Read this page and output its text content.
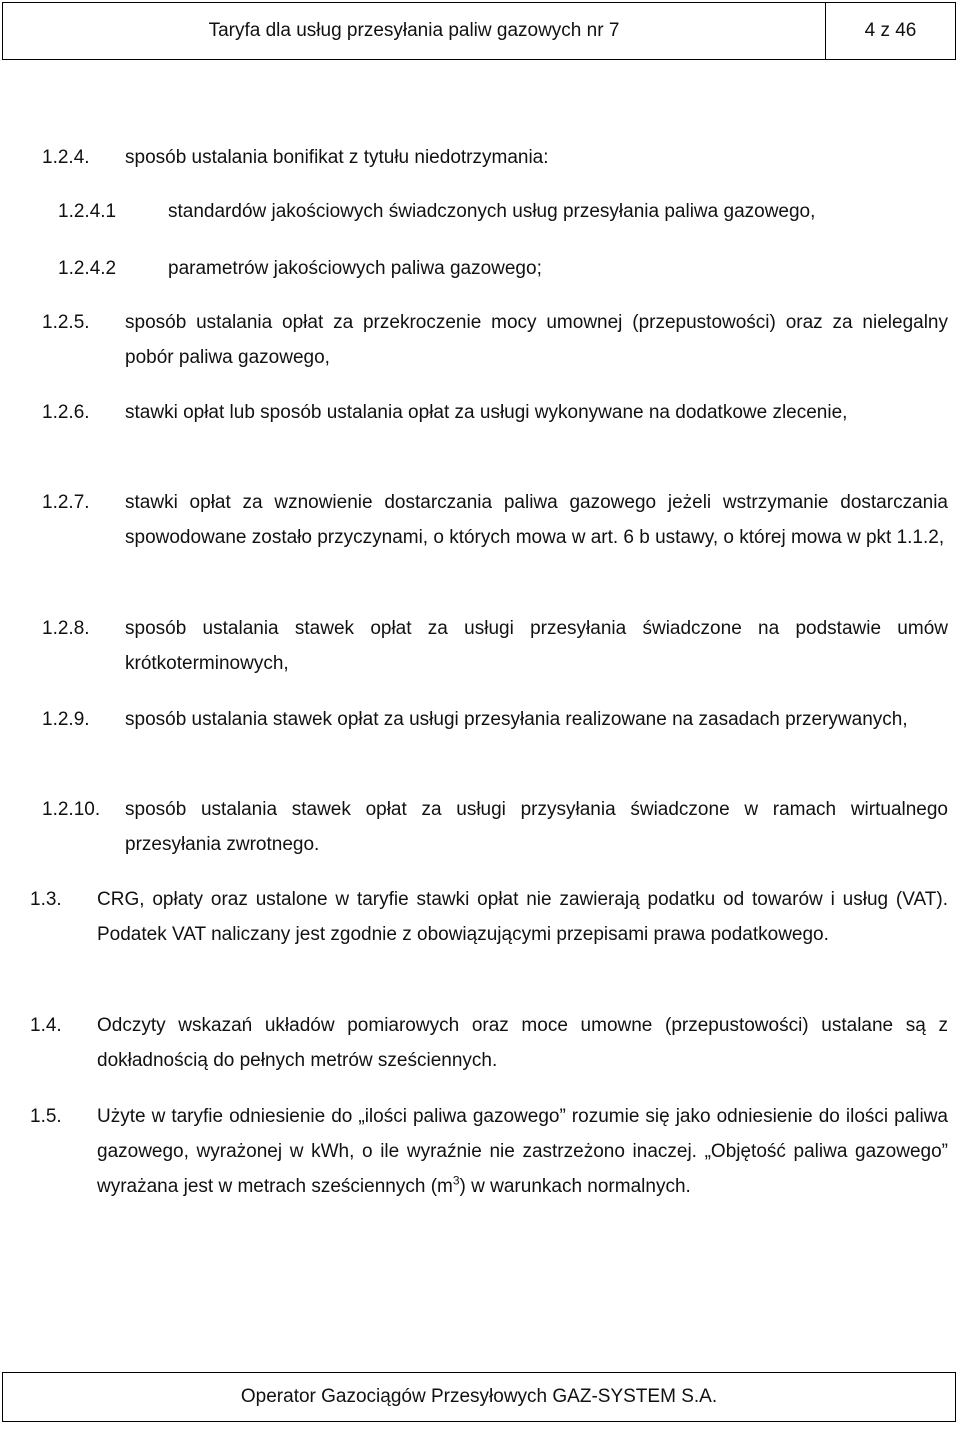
Taryfa dla usług przesyłania paliw gazowych nr 7	4 z 46
1.2.4. sposób ustalania bonifikat z tytułu niedotrzymania:
1.2.4.1	standardów jakościowych świadczonych usług przesyłania paliwa gazowego,
1.2.4.2	parametrów jakościowych paliwa gazowego;
1.2.5. sposób ustalania opłat za przekroczenie mocy umownej (przepustowości) oraz za nielegalny pobór paliwa gazowego,
1.2.6. stawki opłat lub sposób ustalania opłat za usługi wykonywane na dodatkowe zlecenie,
1.2.7. stawki opłat za wznowienie dostarczania paliwa gazowego jeżeli wstrzymanie dostarczania spowodowane zostało przyczynami, o których mowa w art. 6 b ustawy, o której mowa w pkt 1.1.2,
1.2.8. sposób ustalania stawek opłat za usługi przesyłania świadczone na podstawie umów krótkoterminowych,
1.2.9. sposób ustalania stawek opłat za usługi przesyłania realizowane na zasadach przerywanych,
1.2.10. sposób ustalania stawek opłat za usługi przysyłania świadczone w ramach wirtualnego przesyłania zwrotnego.
1.3. CRG, opłaty oraz ustalone w taryfie stawki opłat nie zawierają podatku od towarów i usług (VAT). Podatek VAT naliczany jest zgodnie z obowiązującymi przepisami prawa podatkowego.
1.4. Odczyty wskazań układów pomiarowych oraz moce umowne (przepustowości) ustalane są z dokładnością do pełnych metrów sześciennych.
1.5. Użyte w taryfie odniesienie do „ilości paliwa gazowego” rozumie się jako odniesienie do ilości paliwa gazowego, wyrażonej w kWh, o ile wyraźnie nie zastrzeżono inaczej. „Objętość paliwa gazowego” wyrażana jest w metrach sześciennych $(m^3)$ w warunkach normalnych.
Operator Gazociągów Przesyłowych GAZ-SYSTEM S.A.
